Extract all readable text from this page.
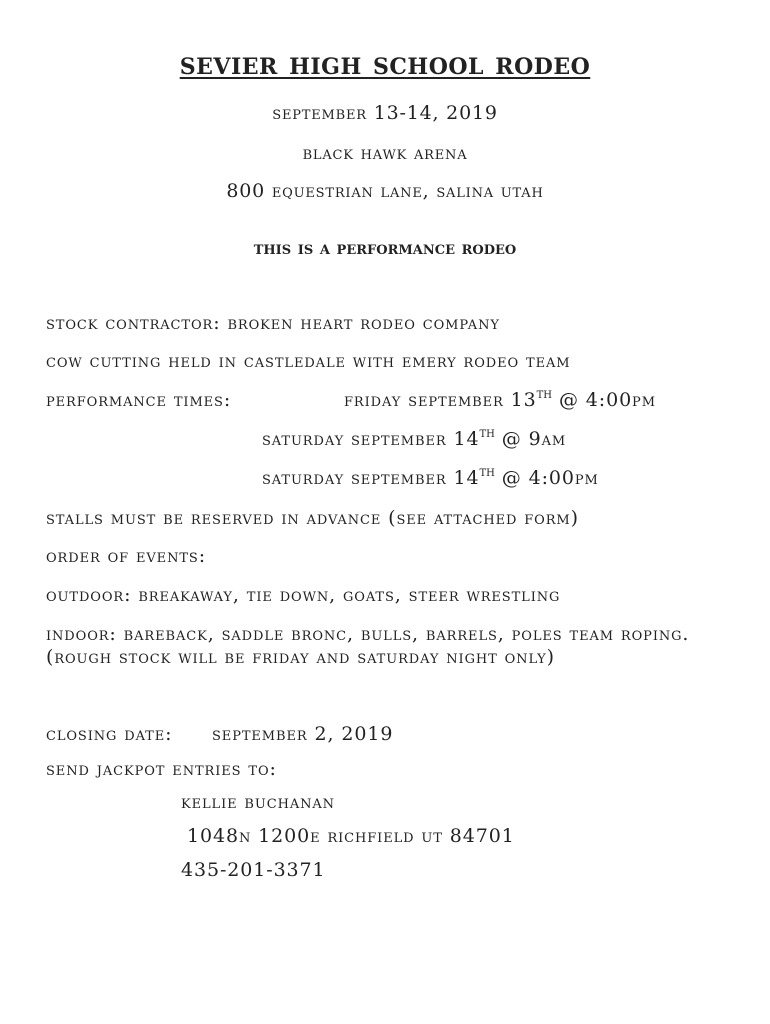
sevier high school rodeo
september 13-14, 2019
black hawk arena
800 equestrian lane, salina utah
this is a performance rodeo
stock contractor: broken heart rodeo company
cow cutting held in castledale with emery rodeo team
performance times:	friday september 13TH @ 4:00pm
saturday september 14TH @ 9am
saturday september 14TH @ 4:00pm
stalls must be reserved in advance (see attached form)
order of events:
outdoor: breakaway, tie down, goats, steer wrestling
indoor: bareback, saddle bronc, bulls, barrels, poles team roping. (rough stock will be friday and saturday night only)
closing date: september 2, 2019
send jackpot entries to:
kellie buchanan
1048n 1200e richfield ut 84701
435-201-3371
